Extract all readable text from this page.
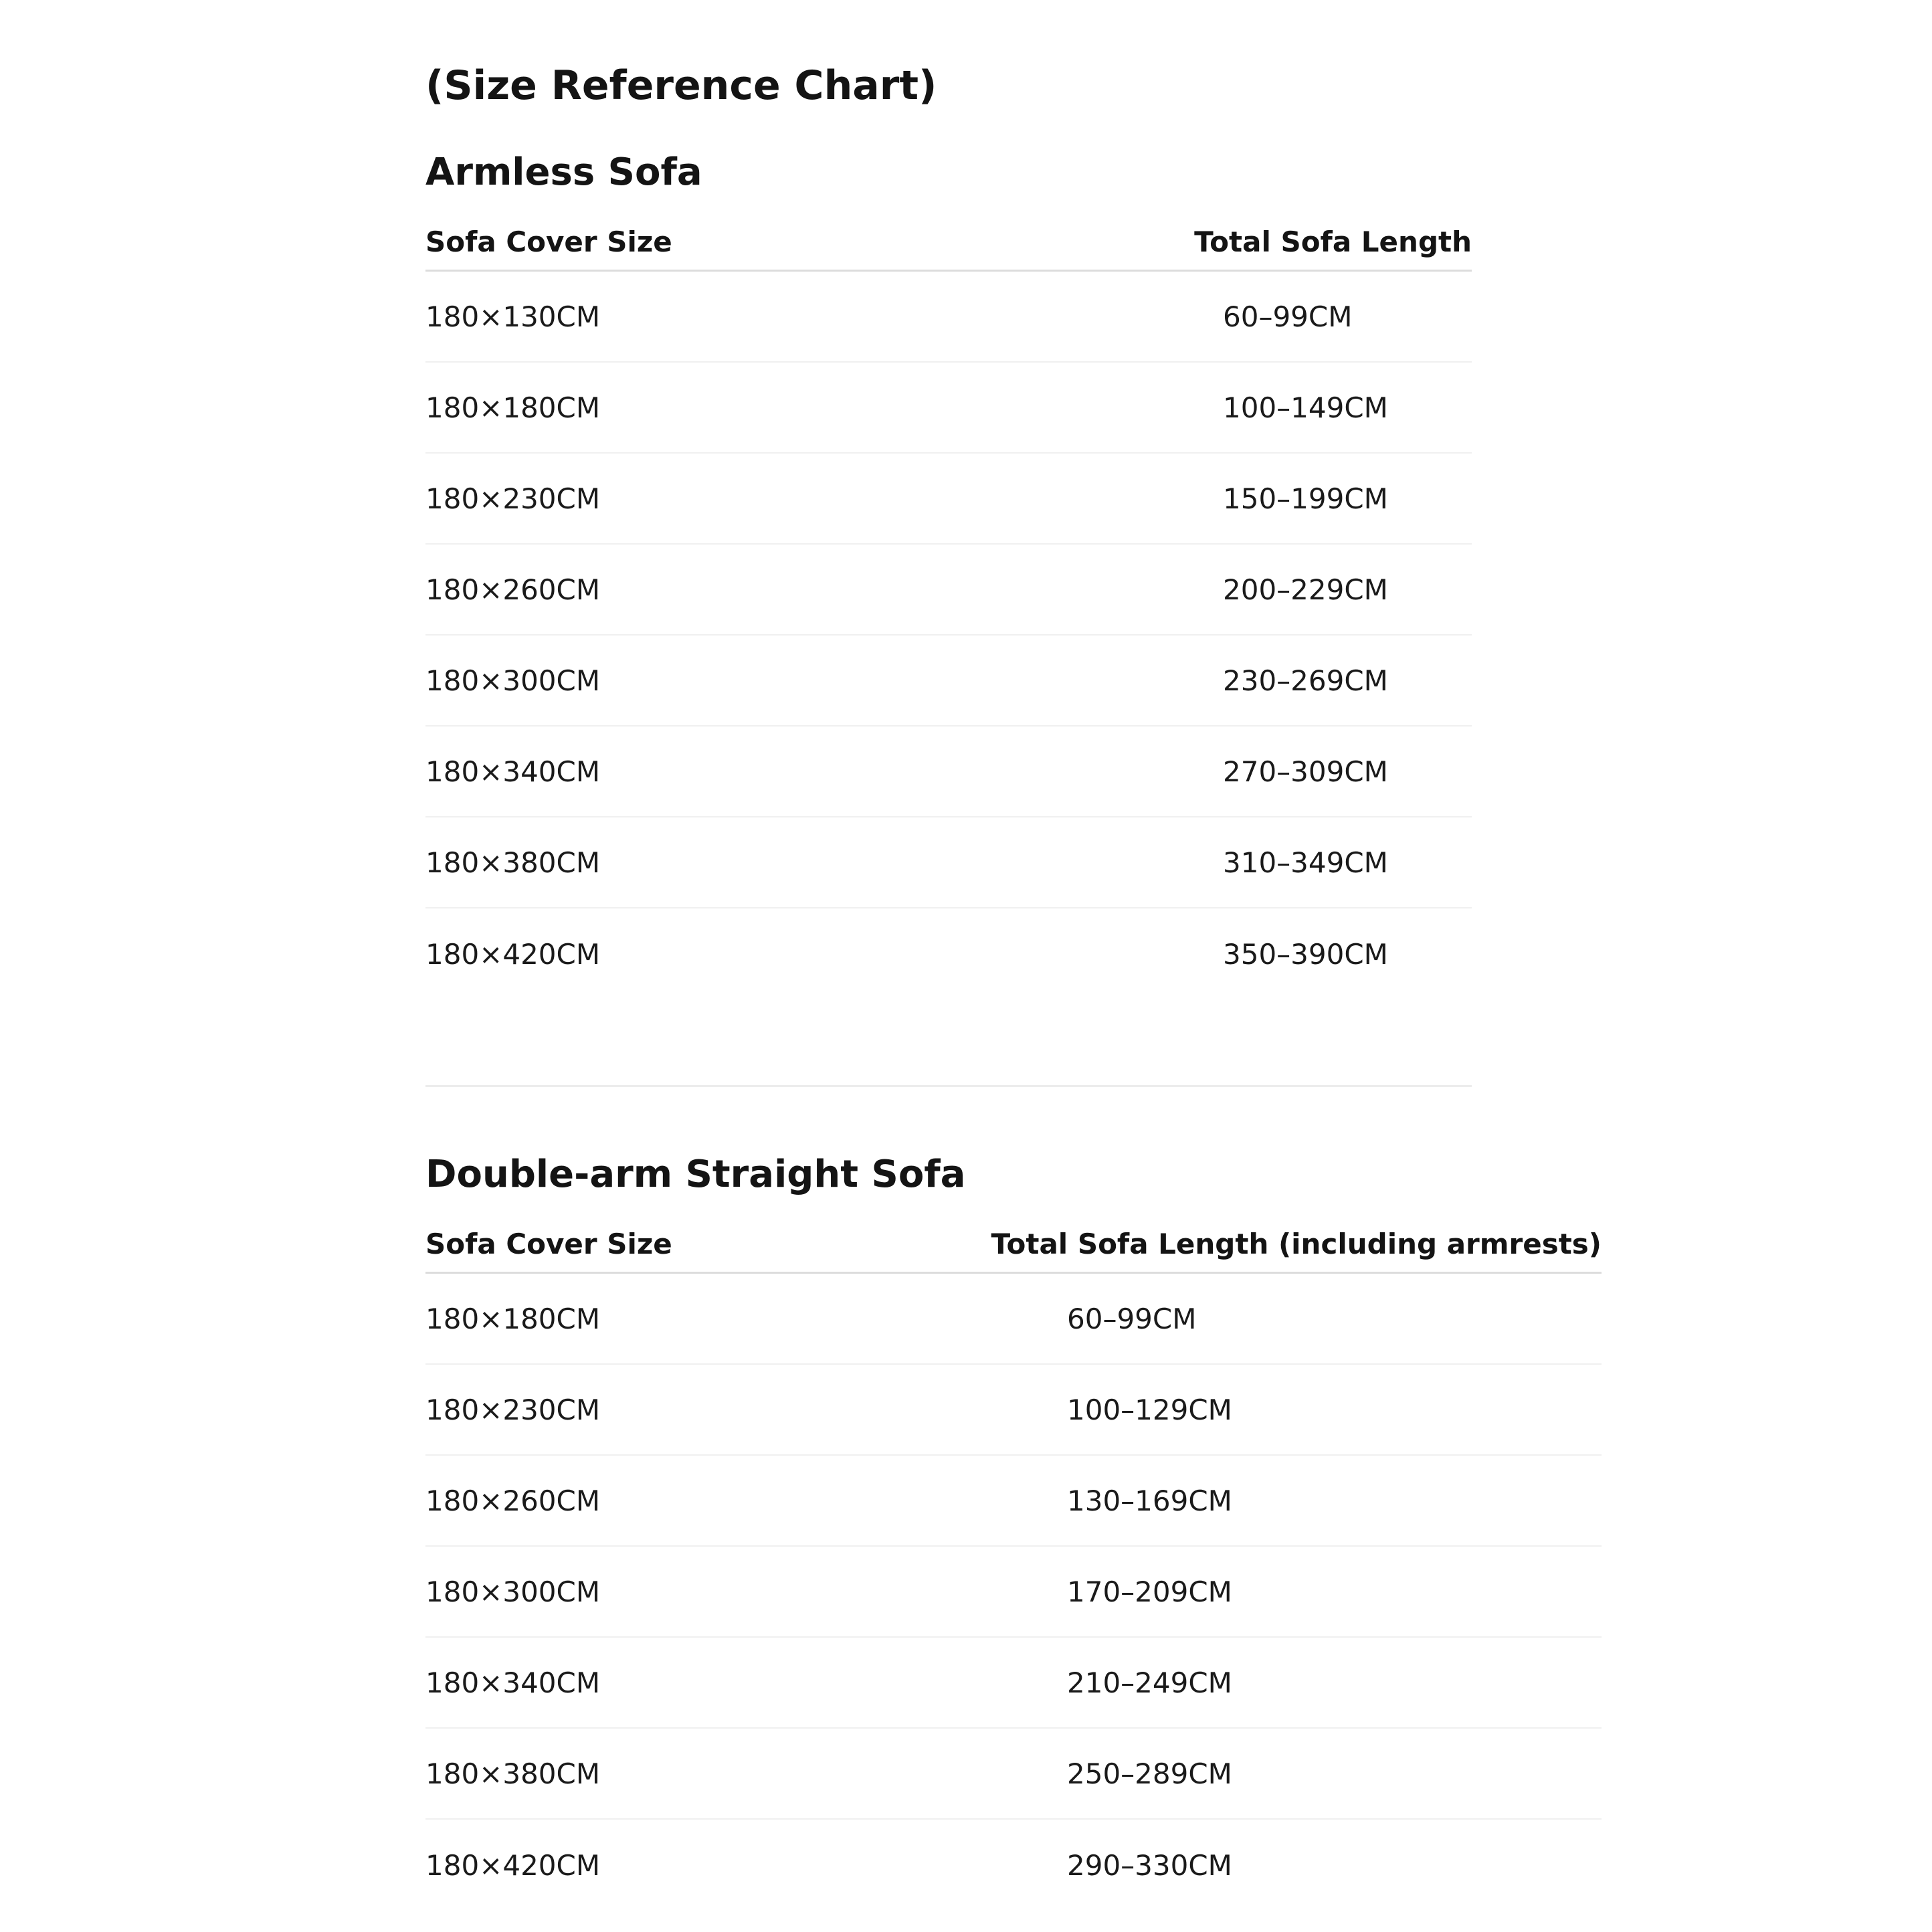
(Size Reference Chart)
Armless Sofa
Sofa Cover Size	Total Sofa Length
180×130CM	60–99CM
180×180CM	100–149CM
180×230CM	150–199CM
180×260CM	200–229CM
180×300CM	230–269CM
180×340CM	270–309CM
180×380CM	310–349CM
180×420CM	350–390CM
Double-arm Straight Sofa
Sofa Cover Size	Total Sofa Length (including armrests)
180×180CM	60–99CM
180×230CM	100–129CM
180×260CM	130–169CM
180×300CM	170–209CM
180×340CM	210–249CM
180×380CM	250–289CM
180×420CM	290–330CM
